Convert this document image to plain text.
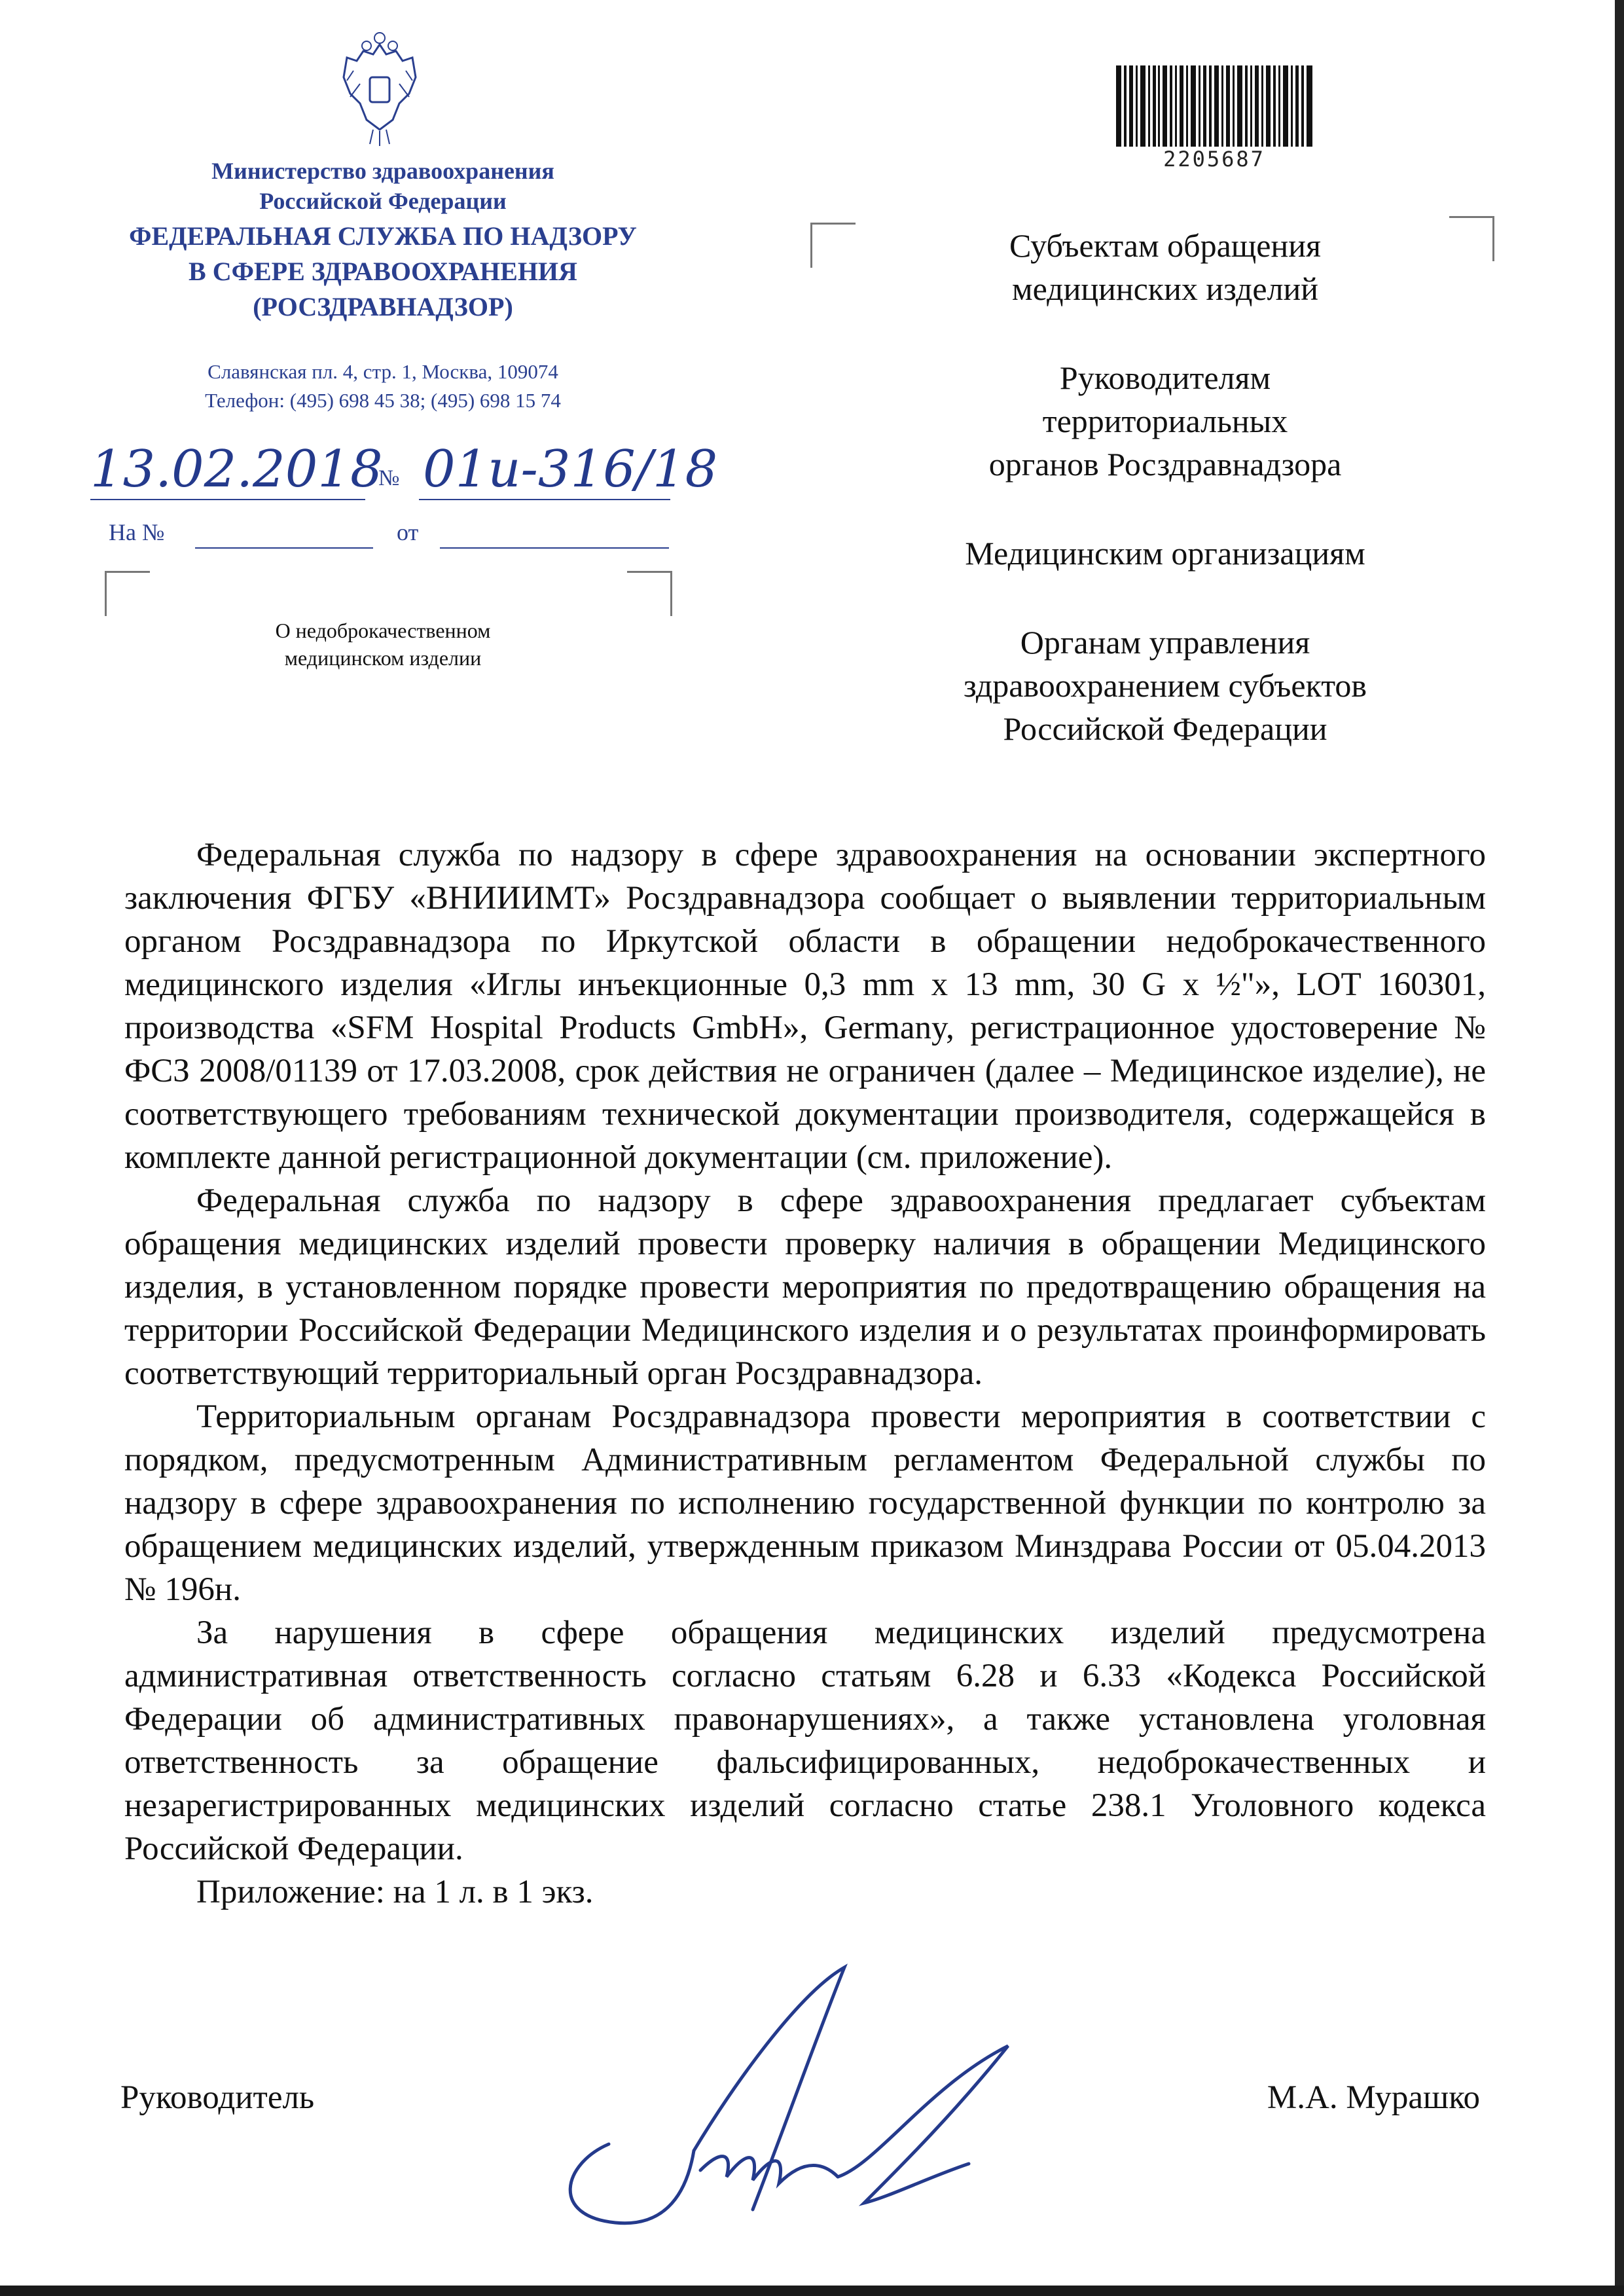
Министерство здравоохранения
Российской Федерации
ФЕДЕРАЛЬНАЯ СЛУЖБА ПО НАДЗОРУ
В СФЕРЕ ЗДРАВООХРАНЕНИЯ
(РОСЗДРАВНАДЗОР)
Славянская пл. 4, стр. 1, Москва, 109074
Телефон: (495) 698 45 38; (495) 698 15 74
13.02.2018
№ 01и-316/18
На №	от
О недоброкачественном
медицинском изделии
2205687
Субъектам обращения
медицинских изделий
Руководителям
территориальных
органов Росздравнадзора
Медицинским организациям
Органам управления
здравоохранением субъектов
Российской Федерации

Федеральная служба по надзору в сфере здравоохранения на основании экспертного заключения ФГБУ «ВНИИИМТ» Росздравнадзора сообщает о выявлении территориальным органом Росздравнадзора по Иркутской области в обращении недоброкачественного медицинского изделия «Иглы инъекционные 0,3 mm x 13 mm, 30 G x ½"», LOT 160301, производства «SFM Hospital Products GmbH», Germany, регистрационное удостоверение № ФСЗ 2008/01139 от 17.03.2008, срок действия не ограничен (далее – Медицинское изделие), не соответствующего требованиям технической документации производителя, содержащейся в комплекте данной регистрационной документации (см. приложение).

Федеральная служба по надзору в сфере здравоохранения предлагает субъектам обращения медицинских изделий провести проверку наличия в обращении Медицинского изделия, в установленном порядке провести мероприятия по предотвращению обращения на территории Российской Федерации Медицинского изделия и о результатах проинформировать соответствующий территориальный орган Росздравнадзора.

Территориальным органам Росздравнадзора провести мероприятия в соответствии с порядком, предусмотренным Административным регламентом Федеральной службы по надзору в сфере здравоохранения по исполнению государственной функции по контролю за обращением медицинских изделий, утвержденным приказом Минздрава России от 05.04.2013 № 196н.

За нарушения в сфере обращения медицинских изделий предусмотрена административная ответственность согласно статьям 6.28 и 6.33 «Кодекса Российской Федерации об административных правонарушениях», а также установлена уголовная ответственность за обращение фальсифицированных, недоброкачественных и незарегистрированных медицинских изделий согласно статье 238.1 Уголовного кодекса Российской Федерации.

Приложение: на 1 л. в 1 экз.

Руководитель	М.А. Мурашко
